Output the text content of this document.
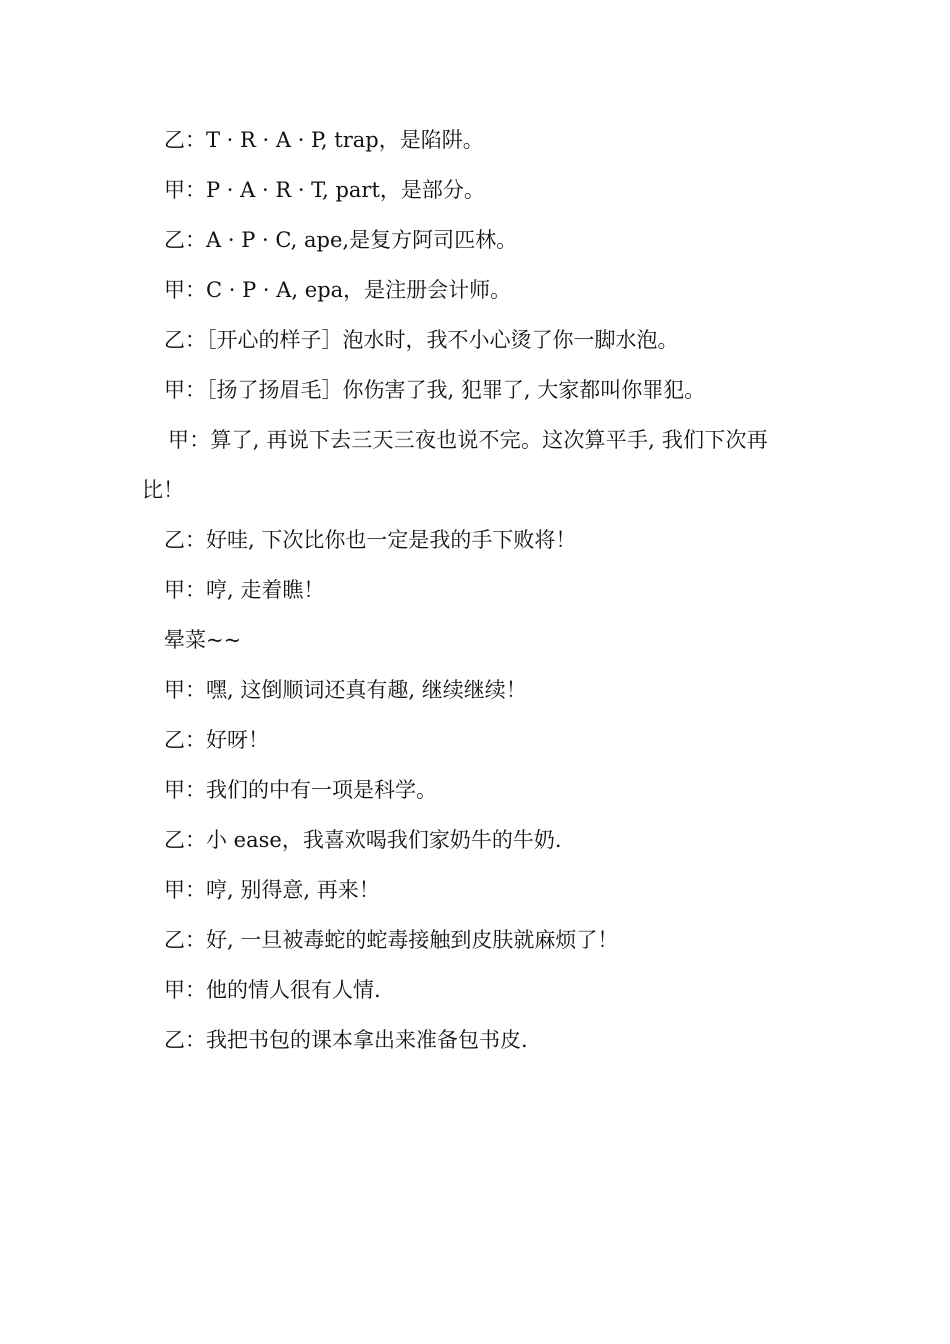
乙：T · R · A · P, trap，是陷阱。
甲：P · A · R · T, part，是部分。
乙：A · P · C, ape,是复方阿司匹林。
甲：C · P · A, epa，是注册会计师。
乙：［开心的样子］泡水时，我不小心烫了你一脚水泡。
甲：［扬了扬眉毛］你伤害了我, 犯罪了, 大家都叫你罪犯。
甲：算了, 再说下去三天三夜也说不完。这次算平手, 我们下次再
比！
乙：好哇, 下次比你也一定是我的手下败将！
甲：哼, 走着瞧！
晕菜~~
甲：嘿, 这倒顺词还真有趣, 继续继续！
乙：好呀！
甲：我们的中有一项是科学。
乙：小 ease，我喜欢喝我们家奶牛的牛奶.
甲：哼, 别得意, 再来！
乙：好, 一旦被毒蛇的蛇毒接触到皮肤就麻烦了！
甲：他的情人很有人情.
乙：我把书包的课本拿出来准备包书皮.
